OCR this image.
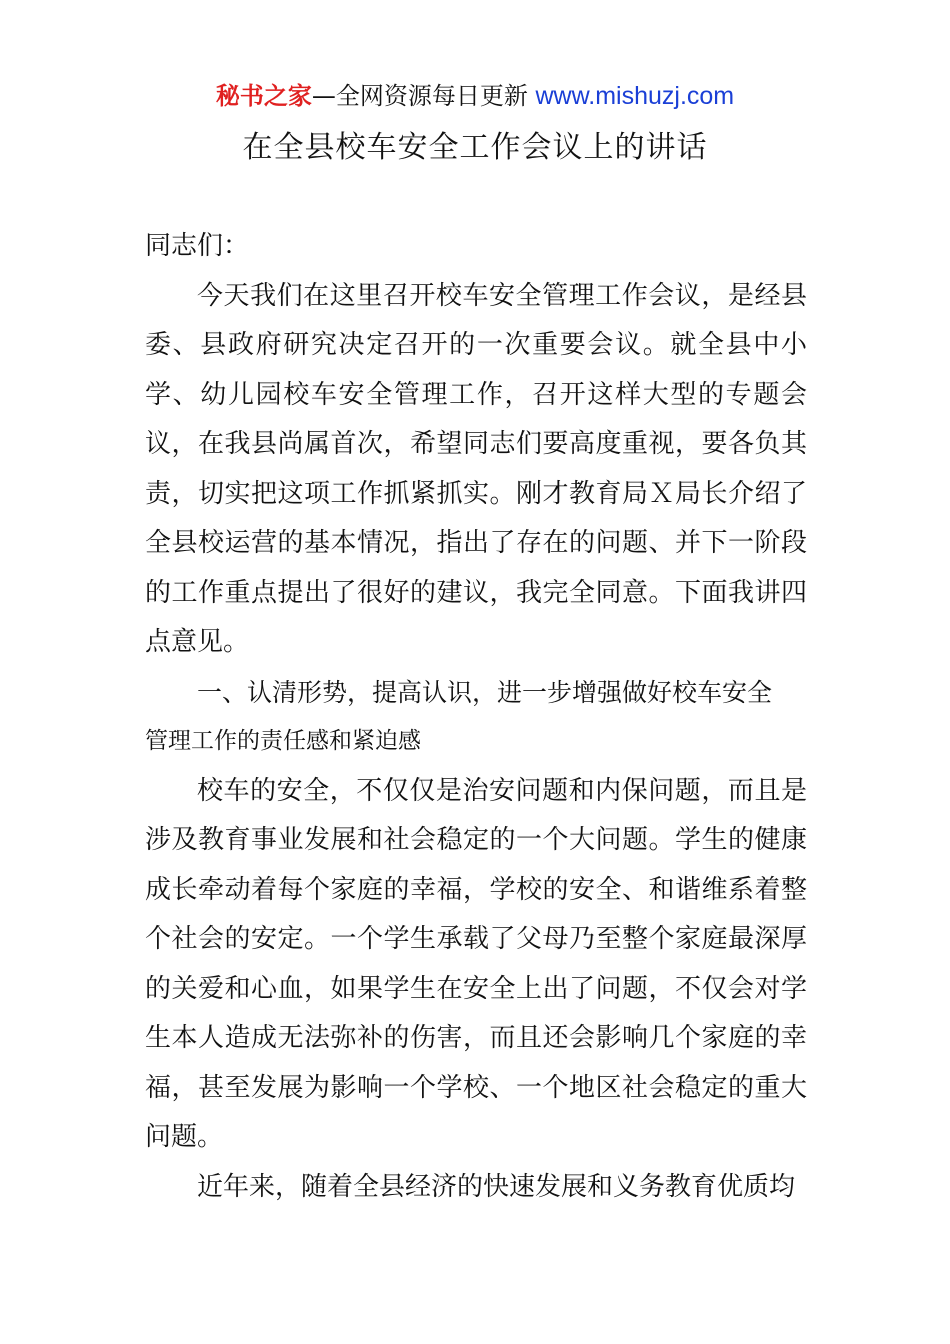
秘书之家—全网资源每日更新 www.mishuzj.com
在全县校车安全工作会议上的讲话

同志们：

今天我们在这里召开校车安全管理工作会议，是经县委、县政府研究决定召开的一次重要会议。就全县中小学、幼儿园校车安全管理工作，召开这样大型的专题会议，在我县尚属首次，希望同志们要高度重视，要各负其责，切实把这项工作抓紧抓实。刚才教育局Ｘ局长介绍了全县校运营的基本情况，指出了存在的问题、并下一阶段的工作重点提出了很好的建议，我完全同意。下面我讲四点意见。

一、认清形势，提高认识，进一步增强做好校车安全

管理工作的责任感和紧迫感

校车的安全，不仅仅是治安问题和内保问题，而且是涉及教育事业发展和社会稳定的一个大问题。学生的健康成长牵动着每个家庭的幸福，学校的安全、和谐维系着整个社会的安定。一个学生承载了父母乃至整个家庭最深厚的关爱和心血，如果学生在安全上出了问题，不仅会对学生本人造成无法弥补的伤害，而且还会影响几个家庭的幸福，甚至发展为影响一个学校、一个地区社会稳定的重大问题。

近年来，随着全县经济的快速发展和义务教育优质均
